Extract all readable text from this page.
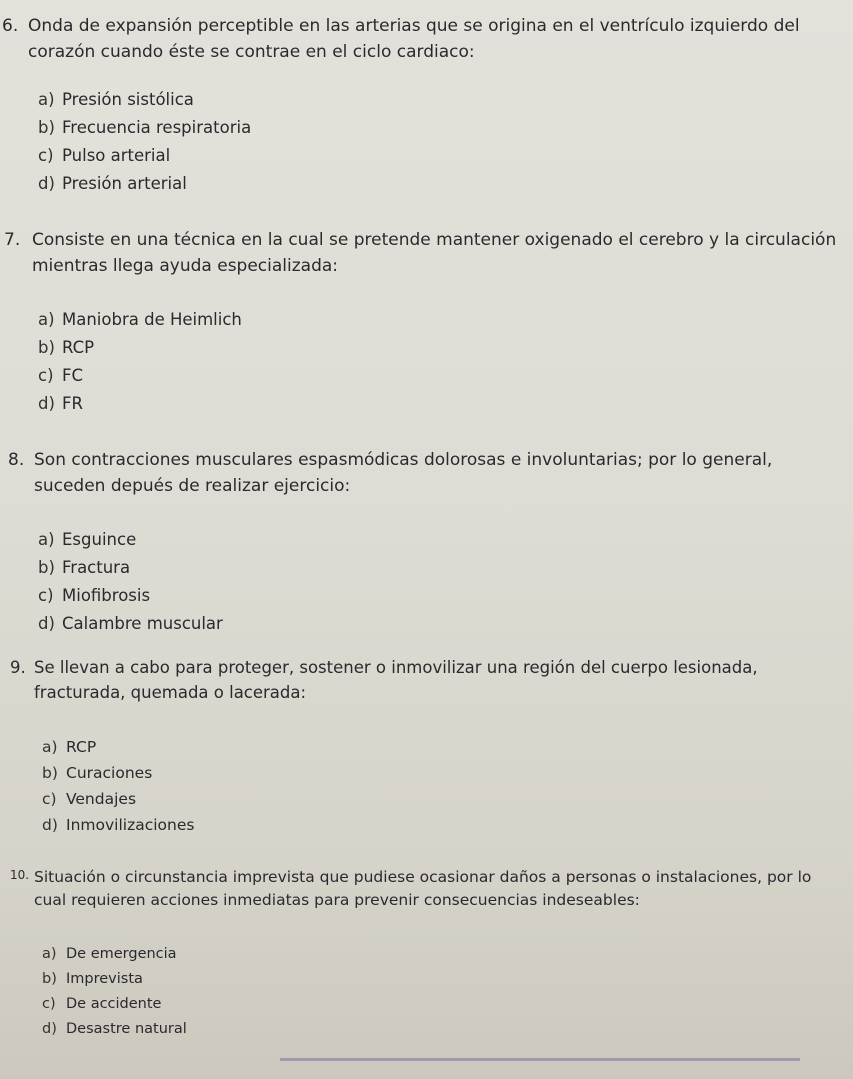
6. Onda de expansión perceptible en las arterias que se origina en el ventrículo izquierdo del corazón cuando éste se contrae en el ciclo cardiaco:
a) Presión sistólica
b) Frecuencia respiratoria
c) Pulso arterial
d) Presión arterial
7. Consiste en una técnica en la cual se pretende mantener oxigenado el cerebro y la circulación mientras llega ayuda especializada:
a) Maniobra de Heimlich
b) RCP
c) FC
d) FR
8. Son contracciones musculares espasmódicas dolorosas e involuntarias; por lo general, suceden depués de realizar ejercicio:
a) Esguince
b) Fractura
c) Miofibrosis
d) Calambre muscular
9. Se llevan a cabo para proteger, sostener o inmovilizar una región del cuerpo lesionada, fracturada, quemada o lacerada:
a) RCP
b) Curaciones
c) Vendajes
d) Inmovilizaciones
10. Situación o circunstancia imprevista que pudiese ocasionar daños a personas o instalaciones, por lo cual requieren acciones inmediatas para prevenir consecuencias indeseables:
a) De emergencia
b) Imprevista
c) De accidente
d) Desastre natural
